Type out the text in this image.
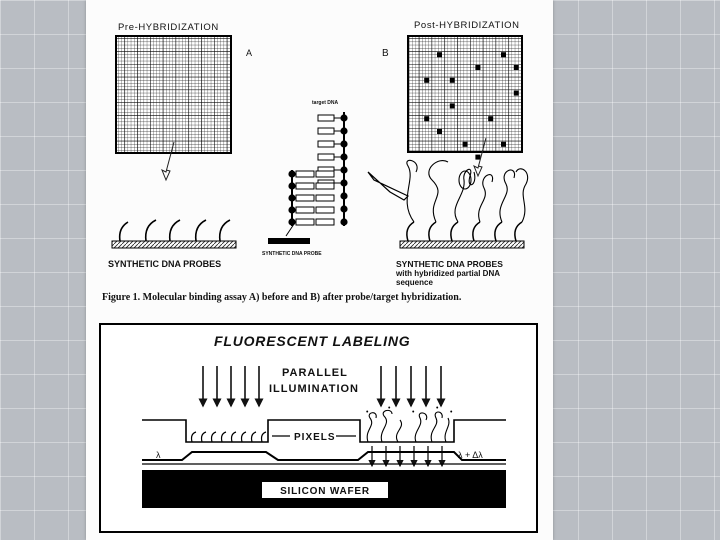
Pre-HYBRIDIZATION	Post-HYBRIDIZATION
A	B
SYNTHETIC DNA PROBES
target DNA
SYNTHETIC DNA PROBE
SYNTHETIC DNA PROBES
with hybridized partial DNA
sequence
FLUORESCENT LABELING
PARALLEL
ILLUMINATION
•
•
•
•
•
PIXELS
λ	λ + Δλ
SILICON WAFER
Figure 1. Molecular binding assay A) before and B) after probe/target hybridization.
